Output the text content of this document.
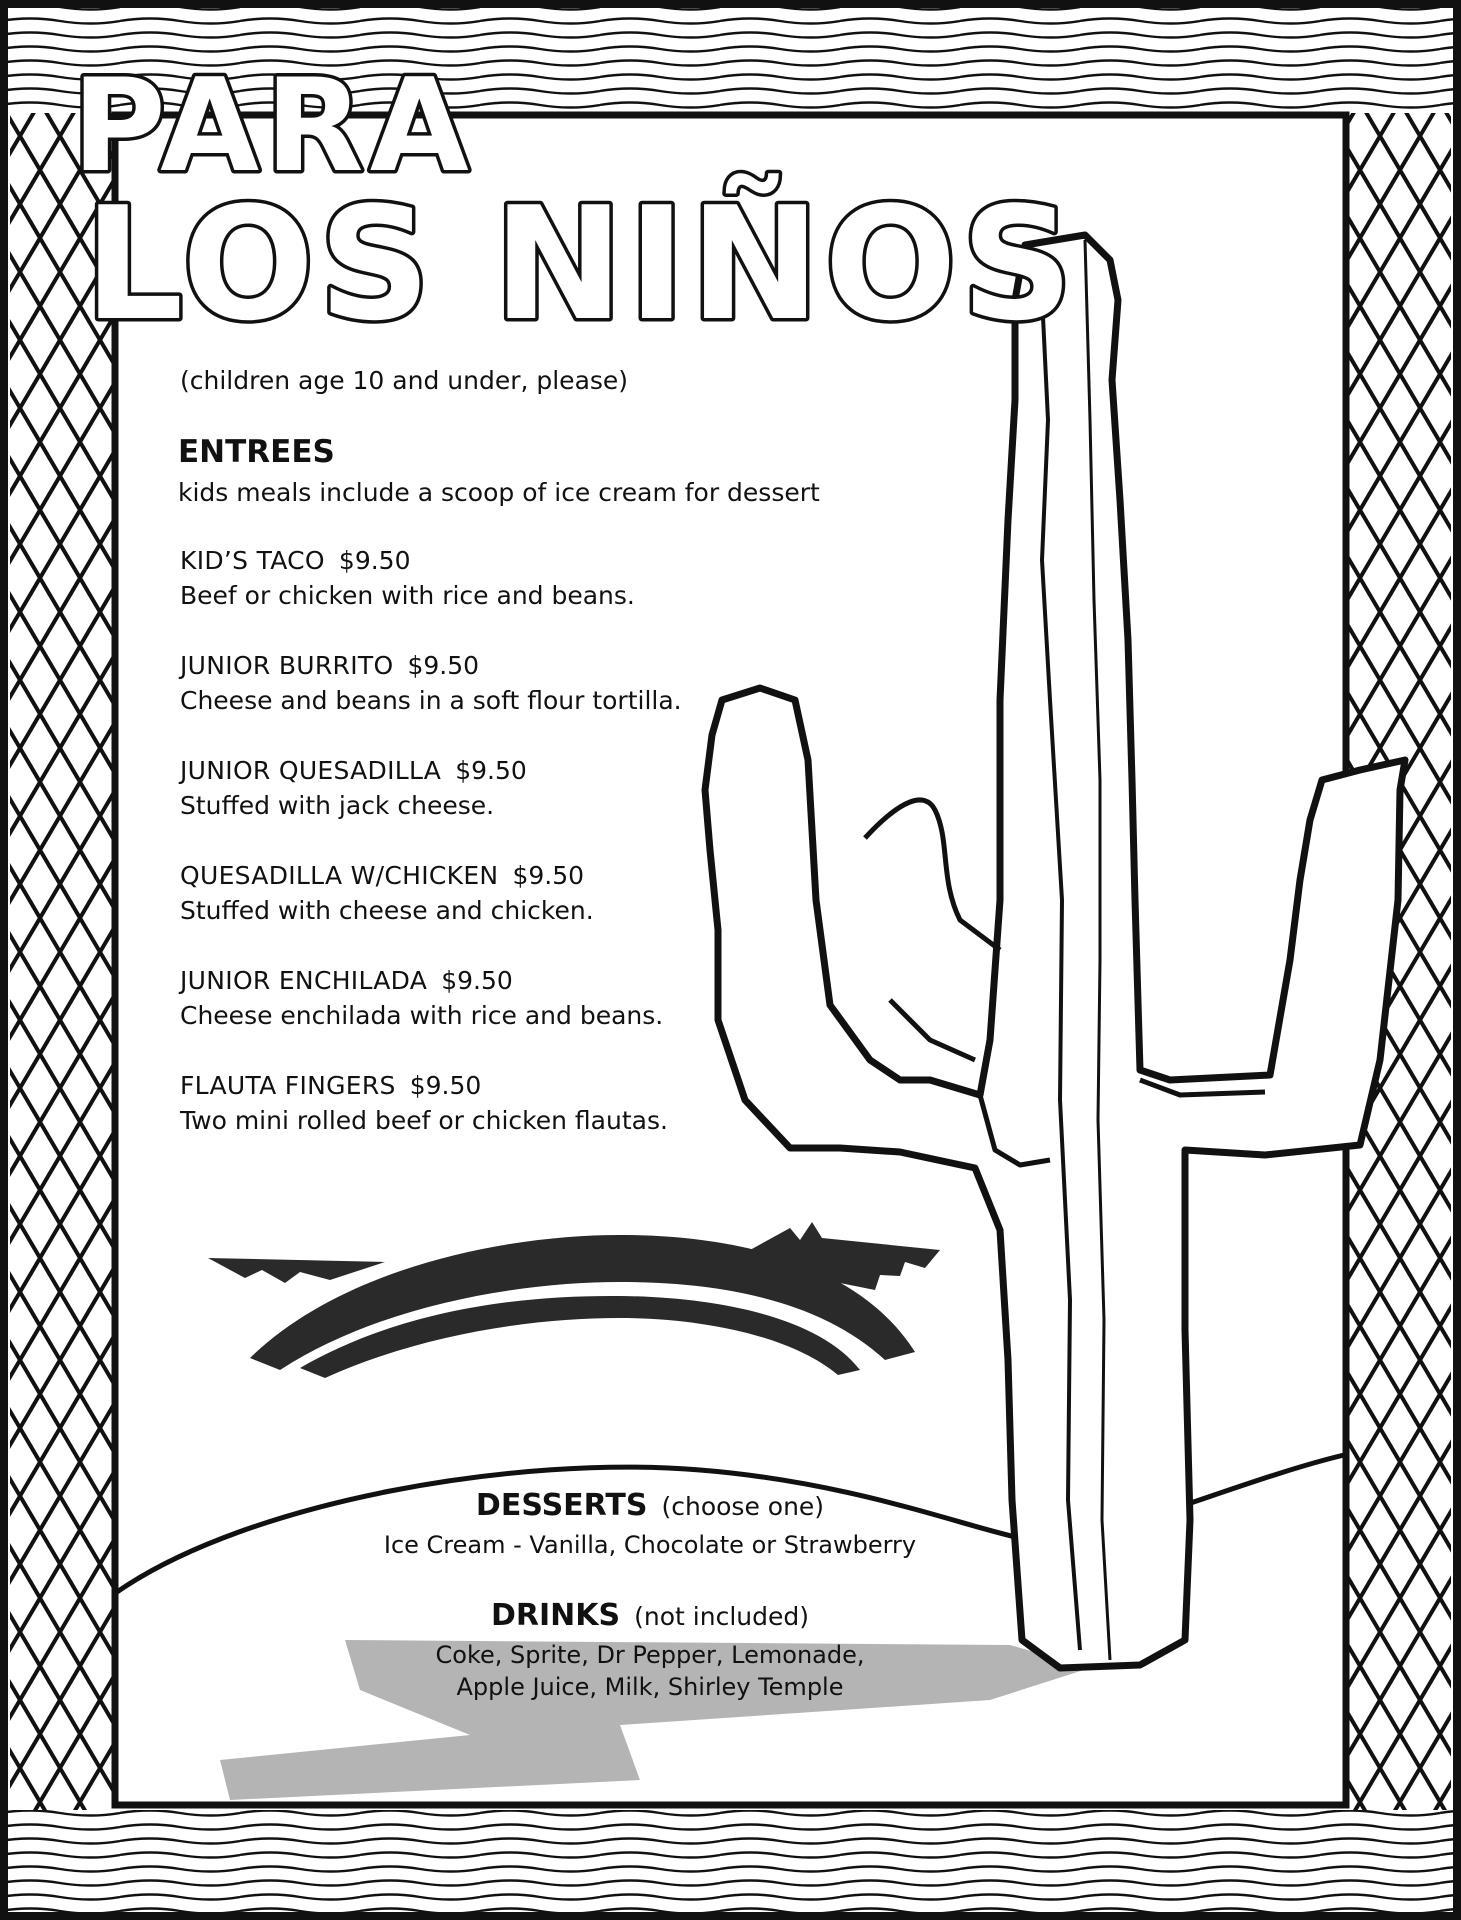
PARA
LOS NIÑOS
(children age 10 and under, please)
ENTREES
kids meals include a scoop of ice cream for dessert
KID’S TACO $9.50
Beef or chicken with rice and beans.
JUNIOR BURRITO $9.50
Cheese and beans in a soft flour tortilla.
JUNIOR QUESADILLA $9.50
Stuffed with jack cheese.
QUESADILLA W/CHICKEN $9.50
Stuffed with cheese and chicken.
JUNIOR ENCHILADA $9.50
Cheese enchilada with rice and beans.
FLAUTA FINGERS $9.50
Two mini rolled beef or chicken flautas.
DESSERTS (choose one)
Ice Cream - Vanilla, Chocolate or Strawberry
DRINKS (not included)
Coke, Sprite, Dr Pepper, Lemonade,
Apple Juice, Milk, Shirley Temple
